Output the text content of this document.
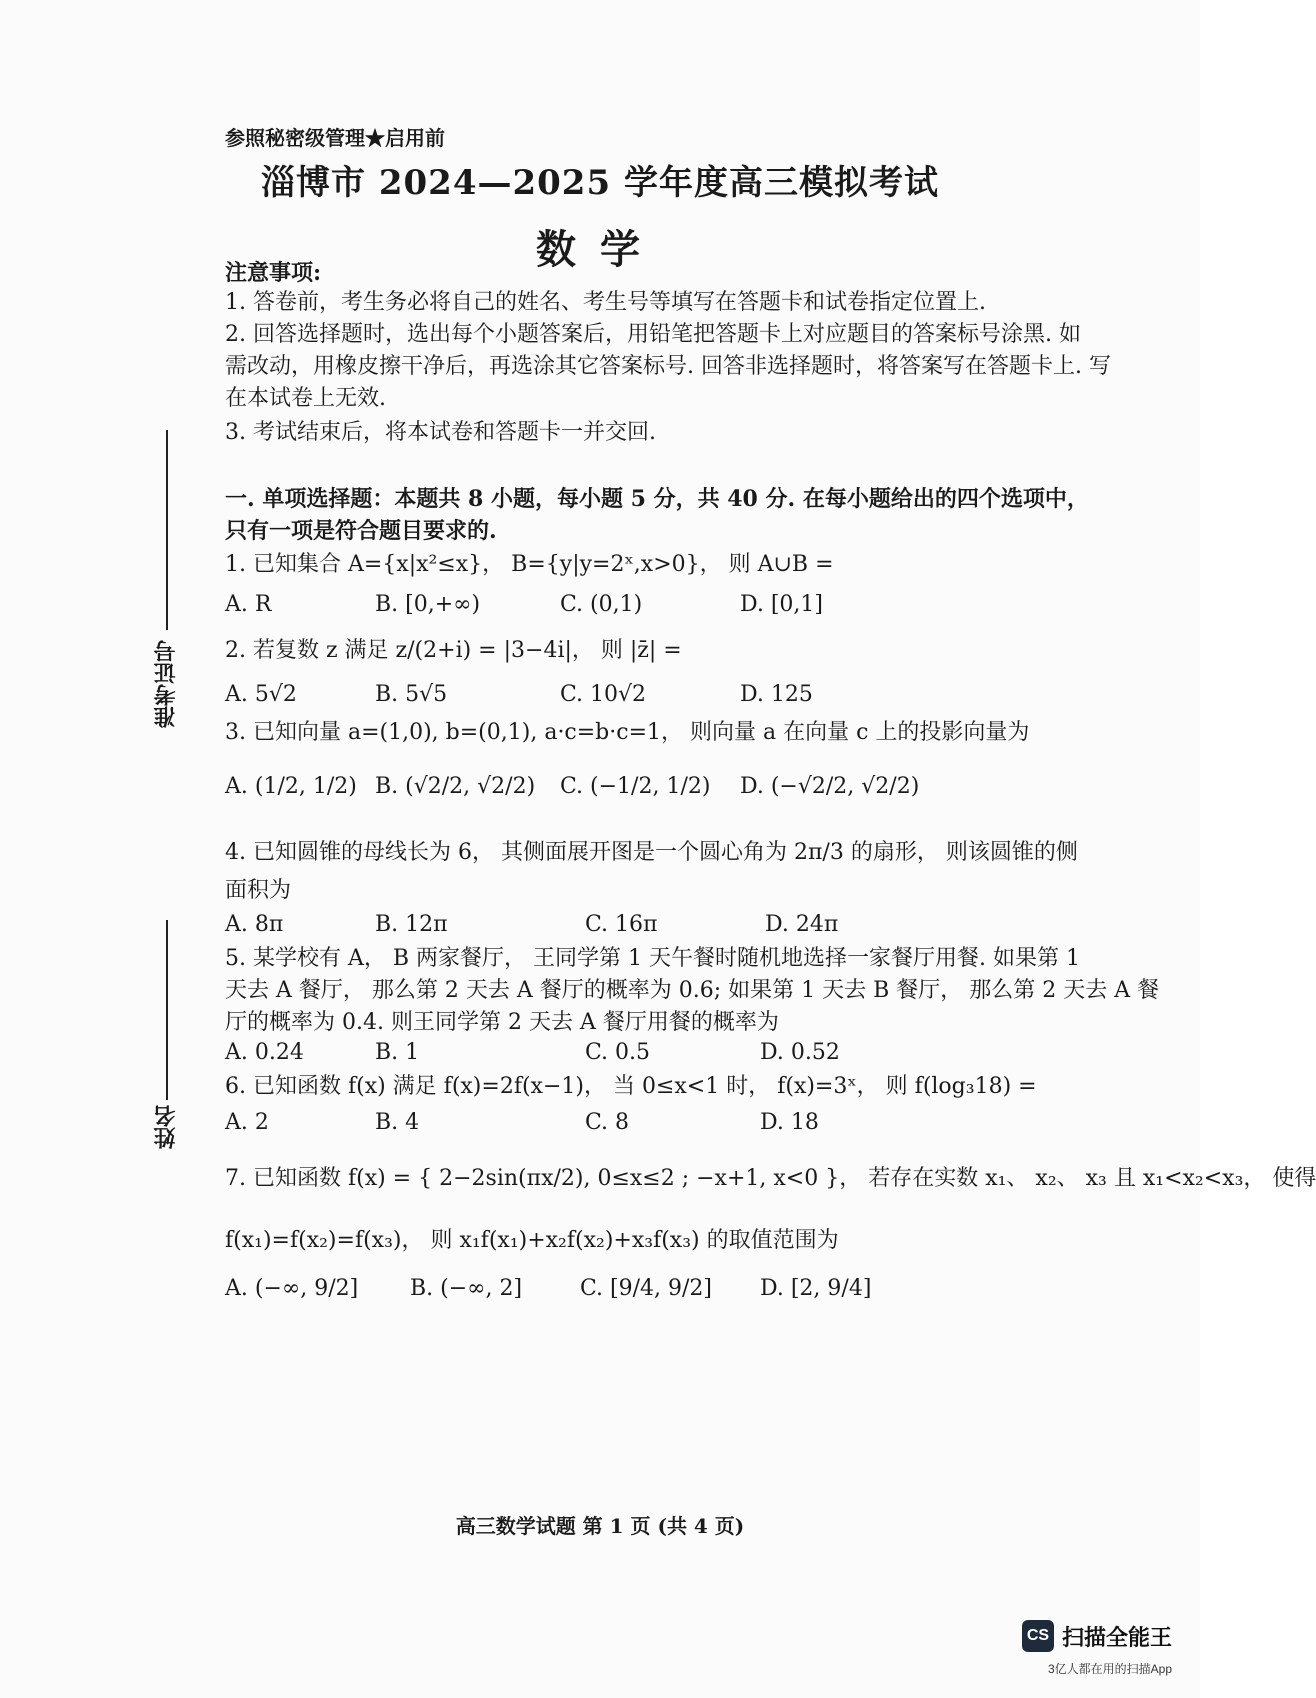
参照秘密级管理★启用前
淄博市 2024—2025 学年度高三模拟考试
数学
注意事项:
1. 答卷前，考生务必将自己的姓名、考生号等填写在答题卡和试卷指定位置上.
2. 回答选择题时，选出每个小题答案后，用铅笔把答题卡上对应题目的答案标号涂黑. 如
需改动，用橡皮擦干净后，再选涂其它答案标号. 回答非选择题时，将答案写在答题卡上. 写
在本试卷上无效.
3. 考试结束后，将本试卷和答题卡一并交回.
一. 单项选择题：本题共 8 小题，每小题 5 分，共 40 分. 在每小题给出的四个选项中，
只有一项是符合题目要求的.
1. 已知集合 A={x|x²≤x}， B={y|y=2ˣ,x>0}， 则 A∪B =
A. R	B. [0,+∞)	C. (0,1)	D. [0,1]
2. 若复数 z 满足 z/(2+i) = |3−4i|， 则 |z̄| =
A. 5√2	B. 5√5	C. 10√2	D. 125
3. 已知向量 a=(1,0), b=(0,1), a·c=b·c=1， 则向量 a 在向量 c 上的投影向量为
A. (1/2, 1/2) B. (√2/2, √2/2) C. (−1/2, 1/2) D. (−√2/2, √2/2)
4. 已知圆锥的母线长为 6， 其侧面展开图是一个圆心角为 2π/3 的扇形， 则该圆锥的侧
面积为
A. 8π	B. 12π	C. 16π	D. 24π
5. 某学校有 A， B 两家餐厅， 王同学第 1 天午餐时随机地选择一家餐厅用餐. 如果第 1
天去 A 餐厅， 那么第 2 天去 A 餐厅的概率为 0.6; 如果第 1 天去 B 餐厅， 那么第 2 天去 A 餐
厅的概率为 0.4. 则王同学第 2 天去 A 餐厅用餐的概率为
A. 0.24	B. 1	C. 0.5	D. 0.52
6. 已知函数 f(x) 满足 f(x)=2f(x−1)， 当 0≤x<1 时， f(x)=3ˣ， 则 f(log₃18) =
A. 2	B. 4	C. 8	D. 18
7. 已知函数 f(x) = { 2−2sin(πx/2), 0≤x≤2 ; −x+1, x<0 }， 若存在实数 x₁、 x₂、 x₃ 且 x₁<x₂<x₃， 使得
f(x₁)=f(x₂)=f(x₃)， 则 x₁f(x₁)+x₂f(x₂)+x₃f(x₃) 的取值范围为
A. (−∞, 9/2] B. (−∞, 2]	C. [9/4, 9/2] D. [2, 9/4]
准考证号
姓名
高三数学试题 第 1 页 (共 4 页)
CS 扫描全能王
3亿人都在用的扫描App
